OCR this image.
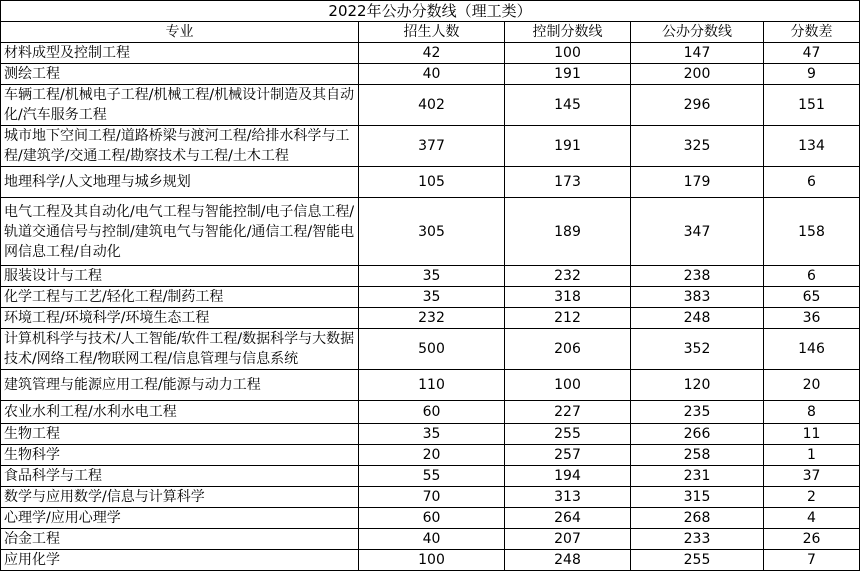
2022年公办分数线（理工类）				
专业	招生人数	控制分数线	公办分数线	分数差
材料成型及控制工程	42	100	147	47
测绘工程	40	191	200	9
车辆工程/机械电子工程/机械工程/机械设计制造及其自动化/汽车服务工程	402	145	296	151
城市地下空间工程/道路桥梁与渡河工程/给排水科学与工程/建筑学/交通工程/勘察技术与工程/土木工程	377	191	325	134
地理科学/人文地理与城乡规划	105	173	179	6
电气工程及其自动化/电气工程与智能控制/电子信息工程/轨道交通信号与控制/建筑电气与智能化/通信工程/智能电网信息工程/自动化	305	189	347	158
服装设计与工程	35	232	238	6
化学工程与工艺/轻化工程/制药工程	35	318	383	65
环境工程/环境科学/环境生态工程	232	212	248	36
计算机科学与技术/人工智能/软件工程/数据科学与大数据技术/网络工程/物联网工程/信息管理与信息系统	500	206	352	146
建筑管理与能源应用工程/能源与动力工程	110	100	120	20
农业水利工程/水利水电工程	60	227	235	8
生物工程	35	255	266	11
生物科学	20	257	258	1
食品科学与工程	55	194	231	37
数学与应用数学/信息与计算科学	70	313	315	2
心理学/应用心理学	60	264	268	4
冶金工程	40	207	233	26
应用化学	100	248	255	7
